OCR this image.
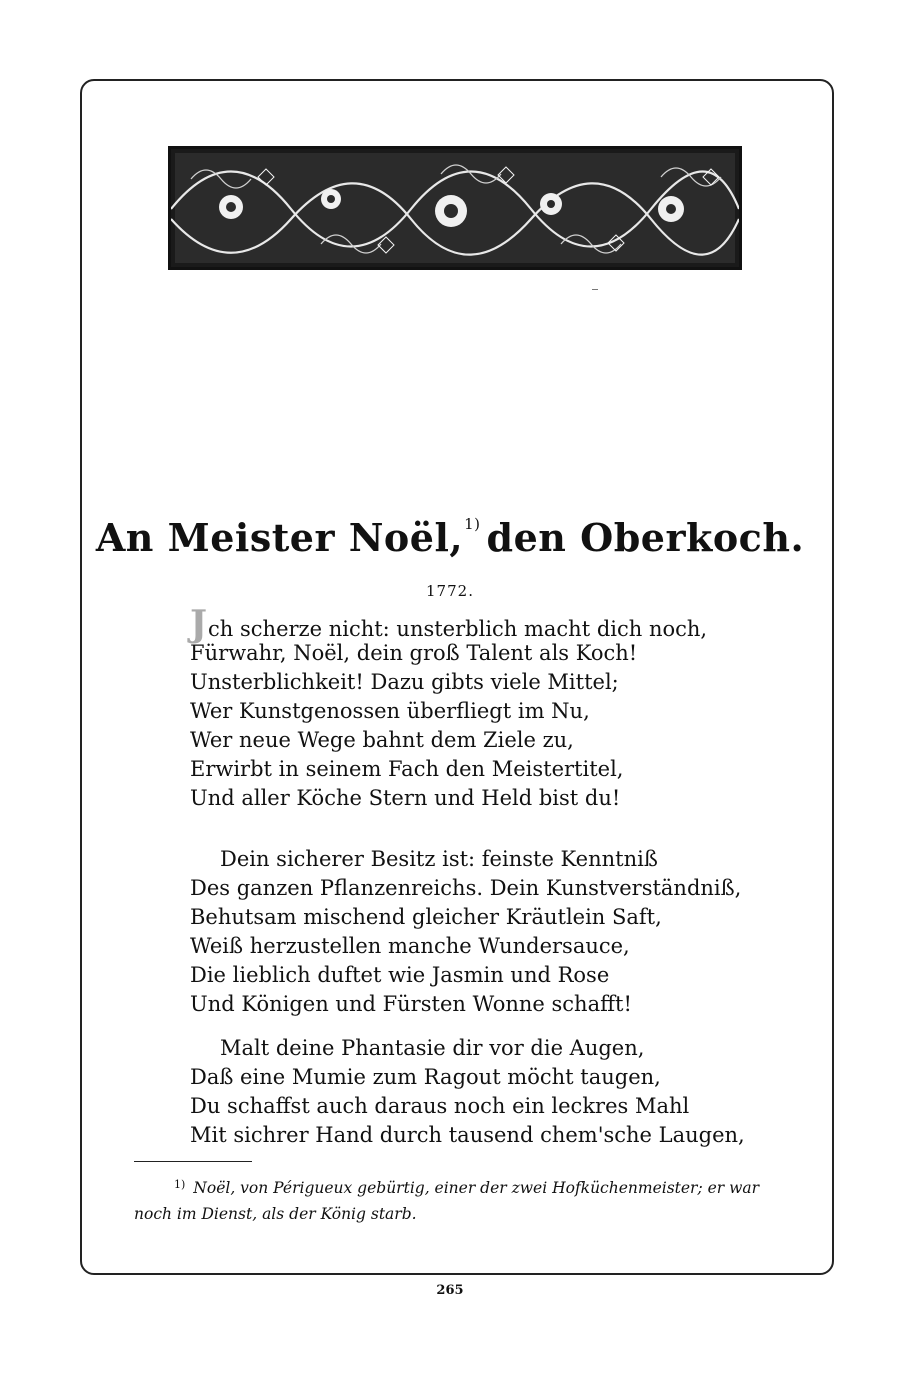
An Meister Noël,$^{1)}$ den Oberkoch.
1772.
Jch scherze nicht: unsterblich macht dich noch,
Fürwahr, Noël, dein groß Talent als Koch!
Unsterblichkeit! Dazu gibts viele Mittel;
Wer Kunstgenossen überfliegt im Nu,
Wer neue Wege bahnt dem Ziele zu,
Erwirbt in seinem Fach den Meistertitel,
Und aller Köche Stern und Held bist du!
Dein sicherer Besitz ist: feinste Kenntniß
Des ganzen Pflanzenreichs. Dein Kunstverständniß,
Behutsam mischend gleicher Kräutlein Saft,
Weiß herzustellen manche Wundersauce,
Die lieblich duftet wie Jasmin und Rose
Und Königen und Fürsten Wonne schafft!
Malt deine Phantasie dir vor die Augen,
Daß eine Mumie zum Ragout möcht taugen,
Du schaffst auch daraus noch ein leckres Mahl
Mit sichrer Hand durch tausend chem'sche Laugen,
$^{1)}$ Noël, von Périgueux gebürtig, einer der zwei Hofküchenmeister; er war noch im Dienst, als der König starb.
265
